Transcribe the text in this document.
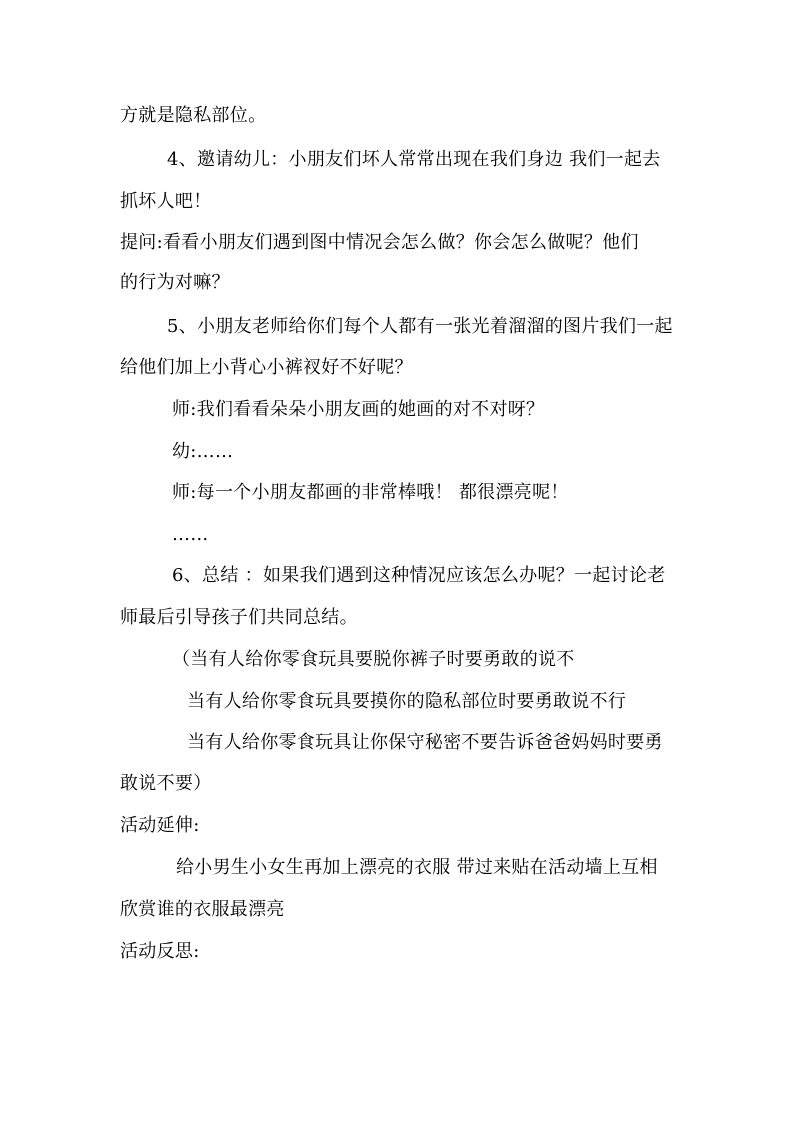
方就是隐私部位。
4、邀请幼儿：小朋友们坏人常常出现在我们身边 我们一起去
抓坏人吧！
提问:看看小朋友们遇到图中情况会怎么做？你会怎么做呢？他们
的行为对嘛？
5、小朋友老师给你们每个人都有一张光着溜溜的图片我们一起
给他们加上小背心小裤衩好不好呢？
师:我们看看朵朵小朋友画的她画的对不对呀？
幼:……
师:每一个小朋友都画的非常棒哦！ 都很漂亮呢！
……
6、总结 ：如果我们遇到这种情况应该怎么办呢？一起讨论老
师最后引导孩子们共同总结。
（当有人给你零食玩具要脱你裤子时要勇敢的说不
当有人给你零食玩具要摸你的隐私部位时要勇敢说不行
当有人给你零食玩具让你保守秘密不要告诉爸爸妈妈时要勇
敢说不要）
活动延伸:
给小男生小女生再加上漂亮的衣服 带过来贴在活动墙上互相
欣赏谁的衣服最漂亮
活动反思:
